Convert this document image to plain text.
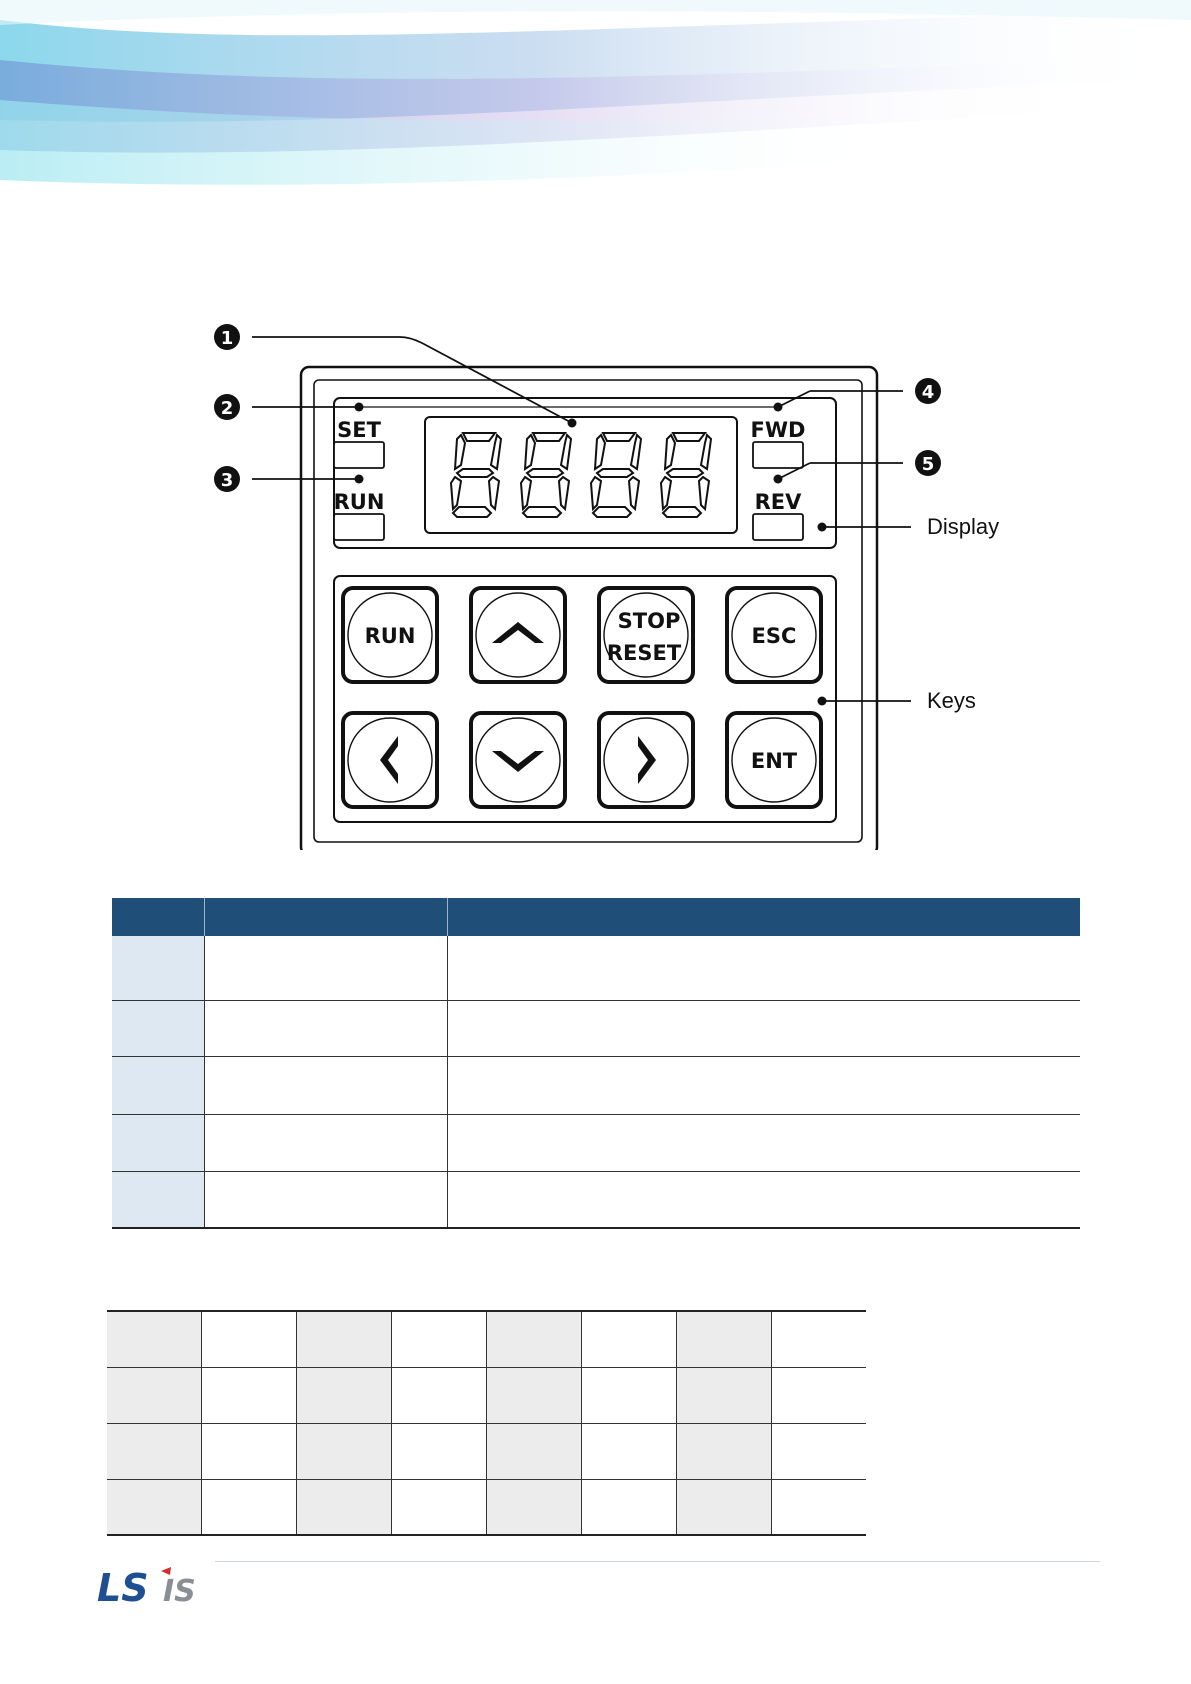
SET
RUN
FWD
REV
RUN
STOP
RESET
ESC
ENT
1
2
3
4
5
Display
Keys

LS IS
